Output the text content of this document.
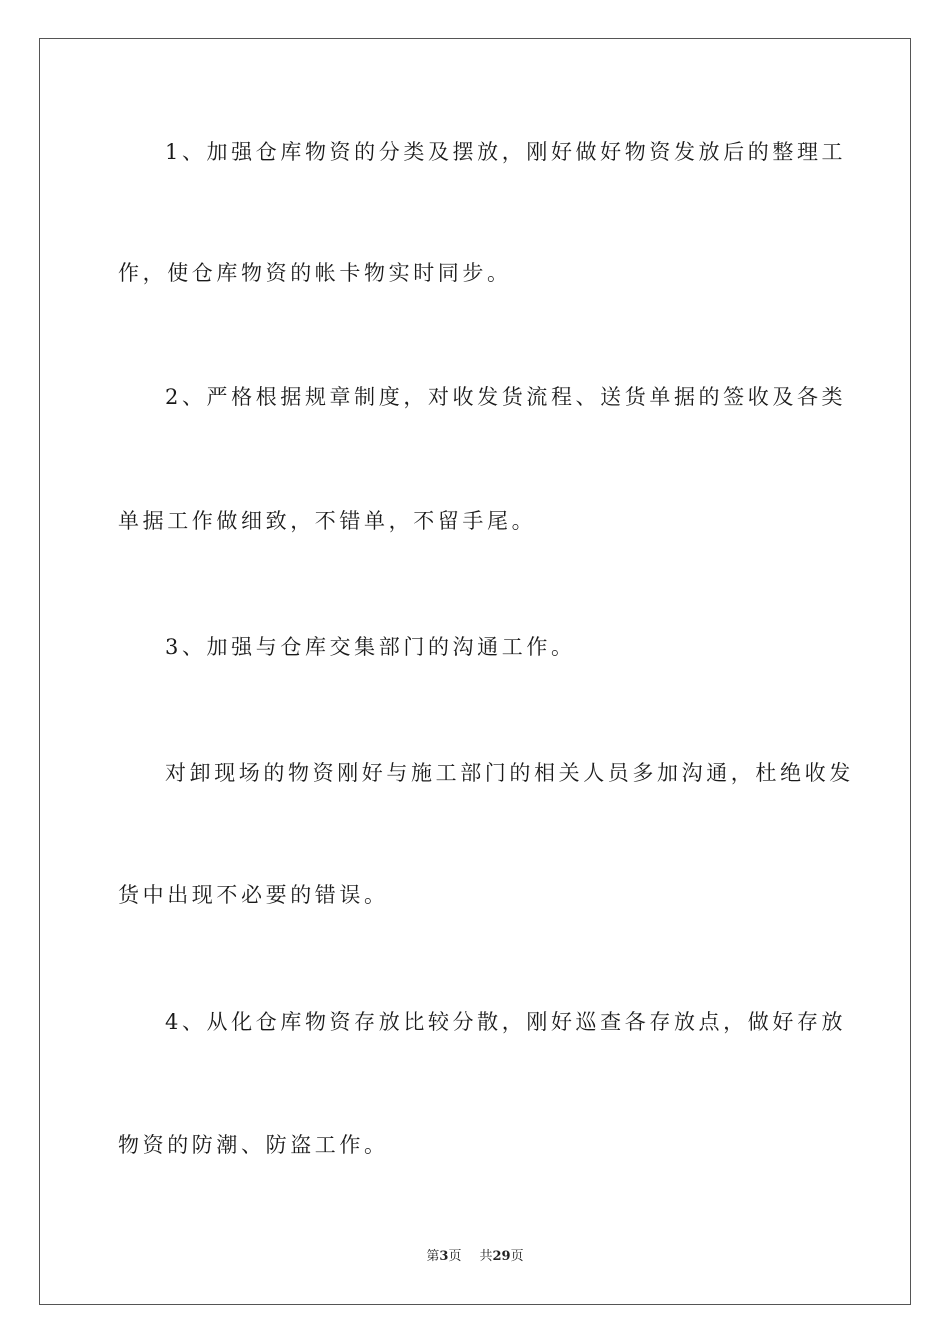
1、加强仓库物资的分类及摆放，刚好做好物资发放后的整理工
作，使仓库物资的帐卡物实时同步。
2、严格根据规章制度，对收发货流程、送货单据的签收及各类
单据工作做细致，不错单，不留手尾。
3、加强与仓库交集部门的沟通工作。
对卸现场的物资刚好与施工部门的相关人员多加沟通，杜绝收发
货中出现不必要的错误。
4、从化仓库物资存放比较分散，刚好巡查各存放点，做好存放
物资的防潮、防盗工作。
第3页 共29页
